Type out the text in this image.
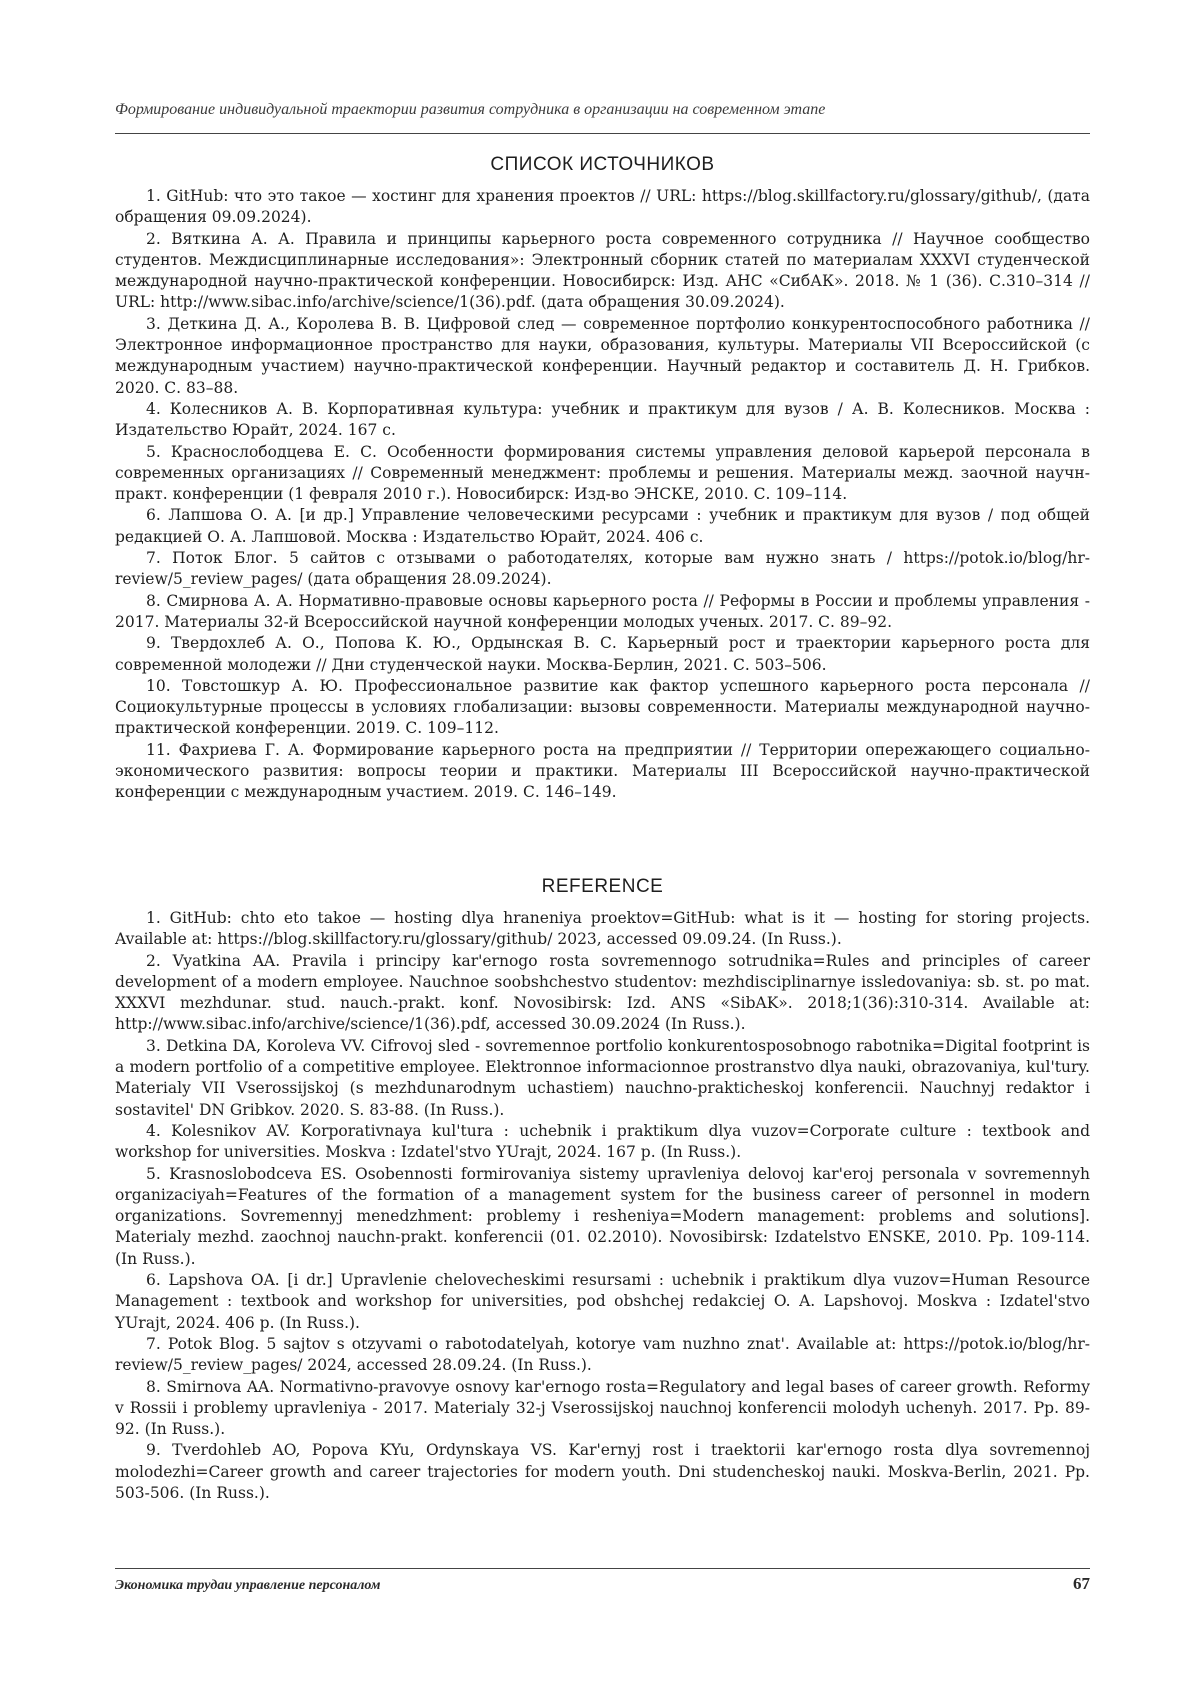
Формирование индивидуальной траектории развития сотрудника в организации на современном этапе
СПИСОК ИСТОЧНИКОВ

1. GitHub: что это такое — хостинг для хранения проектов // URL: https://blog.skillfactory.ru/glossary/github/, (дата обращения 09.09.2024).

2. Вяткина А. А. Правила и принципы карьерного роста современного сотрудника // Научное сообщество студентов. Междисциплинарные исследования»: Электронный сборник статей по материалам XXXVI студенческой международной научно-практической конференции. Новосибирск: Изд. АНС «СибАК». 2018. № 1 (36). С.310–314 // URL: http://www.sibac.info/archive/science/1(36).pdf. (дата обращения 30.09.2024).

3. Деткина Д. А., Королева В. В. Цифровой след — современное портфолио конкурентоспособного работника // Электронное информационное пространство для науки, образования, культуры. Материалы VII Всероссийской (с международным участием) научно-практической конференции. Научный редактор и составитель Д. Н. Грибков. 2020. С. 83–88.

4. Колесников А. В. Корпоративная культура: учебник и практикум для вузов / А. В. Колесников. Москва : Издательство Юрайт, 2024. 167 с.

5. Краснослободцева Е. С. Особенности формирования системы управления деловой карьерой персонала в современных организациях // Современный менеджмент: проблемы и решения. Материалы межд. заочной научн-практ. конференции (1 февраля 2010 г.). Новосибирск: Изд-во ЭНСКЕ, 2010. С. 109–114.

6. Лапшова О. А. [и др.] Управление человеческими ресурсами : учебник и практикум для вузов / под общей редакцией О. А. Лапшовой. Москва : Издательство Юрайт, 2024. 406 с.

7. Поток Блог. 5 сайтов с отзывами о работодателях, которые вам нужно знать / https://potok.io/blog/hr-review/5_review_pages/ (дата обращения 28.09.2024).

8. Смирнова А. А. Нормативно-правовые основы карьерного роста // Реформы в России и проблемы управления - 2017. Материалы 32-й Всероссийской научной конференции молодых ученых. 2017. С. 89–92.

9. Твердохлеб А. О., Попова К. Ю., Ордынская В. С. Карьерный рост и траектории карьерного роста для современной молодежи // Дни студенческой науки. Москва-Берлин, 2021. С. 503–506.

10. Товстошкур А. Ю. Профессиональное развитие как фактор успешного карьерного роста персонала // Социокультурные процессы в условиях глобализации: вызовы современности. Материалы международной научно-практической конференции. 2019. С. 109–112.

11. Фахриева Г. А. Формирование карьерного роста на предприятии // Территории опережающего социально-экономического развития: вопросы теории и практики. Материалы III Всероссийской научно-практической конференции с международным участием. 2019. С. 146–149.

REFERENCE

1. GitHub: chto eto takoe — hosting dlya hraneniya proektov=GitHub: what is it — hosting for storing projects. Available at: https://blog.skillfactory.ru/glossary/github/ 2023, accessed 09.09.24. (In Russ.).

2. Vyatkina AA. Pravila i principy kar'ernogo rosta sovremennogo sotrudnika=Rules and principles of career development of a modern employee. Nauchnoe soobshchestvo studentov: mezhdisciplinarnye issledovaniya: sb. st. po mat. XXXVI mezhdunar. stud. nauch.-prakt. konf. Novosibirsk: Izd. ANS «SibAK». 2018;1(36):310-314. Available at: http://www.sibac.info/archive/science/1(36).pdf, accessed 30.09.2024 (In Russ.).

3. Detkina DA, Koroleva VV. Cifrovoj sled - sovremennoe portfolio konkurentosposobnogo rabotnika=Digital footprint is a modern portfolio of a competitive employee. Elektronnoe informacionnoe prostranstvo dlya nauki, obrazovaniya, kul'tury. Materialy VII Vserossijskoj (s mezhdunarodnym uchastiem) nauchno-prakticheskoj konferencii. Nauchnyj redaktor i sostavitel' DN Gribkov. 2020. S. 83-88. (In Russ.).

4. Kolesnikov AV. Korporativnaya kul'tura : uchebnik i praktikum dlya vuzov=Corporate culture : textbook and workshop for universities. Moskva : Izdatel'stvo YUrajt, 2024. 167 p. (In Russ.).

5. Krasnoslobodceva ES. Osobennosti formirovaniya sistemy upravleniya delovoj kar'eroj personala v sovremennyh organizaciyah=Features of the formation of a management system for the business career of personnel in modern organizations. Sovremennyj menedzhment: problemy i resheniya=Modern management: problems and solutions]. Materialy mezhd. zaochnoj nauchn-prakt. konferencii (01. 02.2010). Novosibirsk: Izdatelstvo ENSKE, 2010. Pp. 109-114. (In Russ.).

6. Lapshova OA. [i dr.] Upravlenie chelovecheskimi resursami : uchebnik i praktikum dlya vuzov=Human Resource Management : textbook and workshop for universities, pod obshchej redakciej O. A. Lapshovoj. Moskva : Izdatel'stvo YUrajt, 2024. 406 p. (In Russ.).

7. Potok Blog. 5 sajtov s otzyvami o rabotodatelyah, kotorye vam nuzhno znat'. Available at: https://potok.io/blog/hr-review/5_review_pages/ 2024, accessed 28.09.24. (In Russ.).

8. Smirnova AA. Normativno-pravovye osnovy kar'ernogo rosta=Regulatory and legal bases of career growth. Reformy v Rossii i problemy upravleniya - 2017. Materialy 32-j Vserossijskoj nauchnoj konferencii molodyh uchenyh. 2017. Pp. 89-92. (In Russ.).

9. Tverdohleb AO, Popova KYu, Ordynskaya VS. Kar'ernyj rost i traektorii kar'ernogo rosta dlya sovremennoj molodezhi=Career growth and career trajectories for modern youth. Dni studencheskoj nauki. Moskva-Berlin, 2021. Pp. 503-506. (In Russ.).

Экономика трудаи управление персоналом	67
